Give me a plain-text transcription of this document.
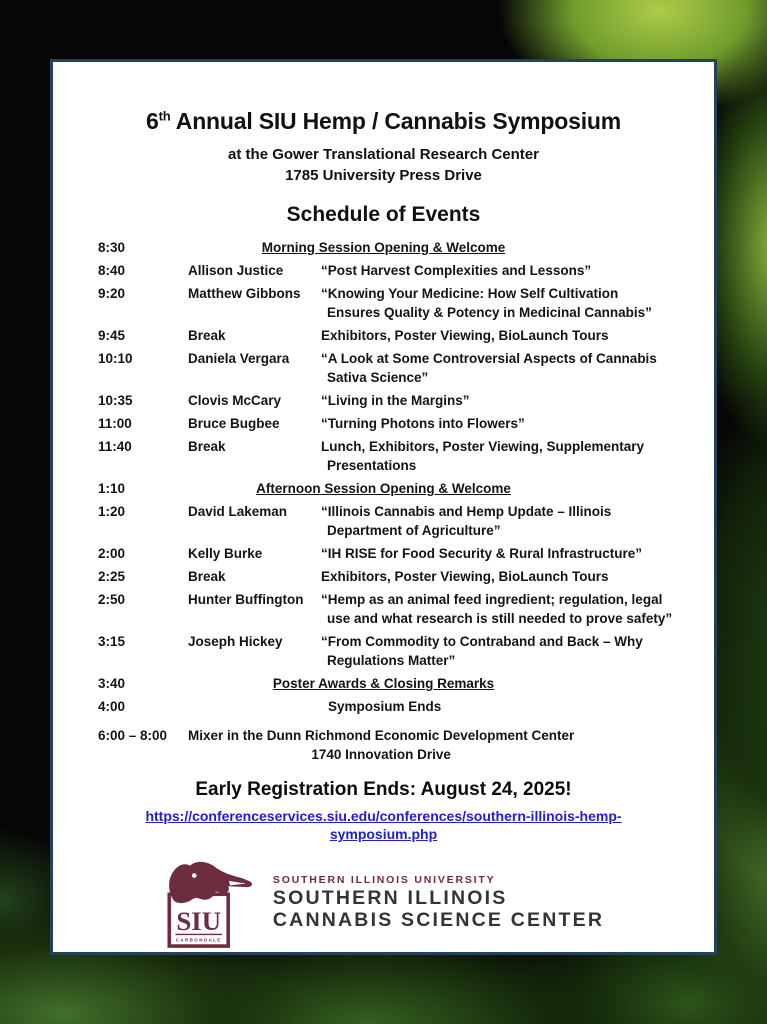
6th Annual SIU Hemp / Cannabis Symposium
at the Gower Translational Research Center
1785 University Press Drive
Schedule of Events
8:30	Morning Session Opening & Welcome
8:40	Allison Justice	“Post Harvest Complexities and Lessons”
9:20	Matthew Gibbons	“Knowing Your Medicine: How Self Cultivation
Ensures Quality & Potency in Medicinal Cannabis”
9:45	Break	Exhibitors, Poster Viewing, BioLaunch Tours
10:10	Daniela Vergara	“A Look at Some Controversial Aspects of Cannabis
Sativa Science”
10:35	Clovis McCary	“Living in the Margins”
11:00	Bruce Bugbee	“Turning Photons into Flowers”
11:40	Break	Lunch, Exhibitors, Poster Viewing, Supplementary
Presentations
1:10	Afternoon Session Opening & Welcome
1:20	David Lakeman	“Illinois Cannabis and Hemp Update – Illinois
Department of Agriculture”
2:00	Kelly Burke	“IH RISE for Food Security & Rural Infrastructure”
2:25	Break	Exhibitors, Poster Viewing, BioLaunch Tours
2:50	Hunter Buffington	“Hemp as an animal feed ingredient; regulation, legal
use and what research is still needed to prove safety”
3:15	Joseph Hickey	“From Commodity to Contraband and Back – Why
Regulations Matter”
3:40	Poster Awards & Closing Remarks
4:00	Symposium Ends
6:00 – 8:00	Mixer in the Dunn Richmond Economic Development Center
1740 Innovation Drive
Early Registration Ends: August 24, 2025!
https://conferenceservices.siu.edu/conferences/southern-illinois-hemp-
symposium.php
SIU
CARBONDALE
SOUTHERN ILLINOIS UNIVERSITY
SOUTHERN ILLINOIS
CANNABIS SCIENCE CENTER
